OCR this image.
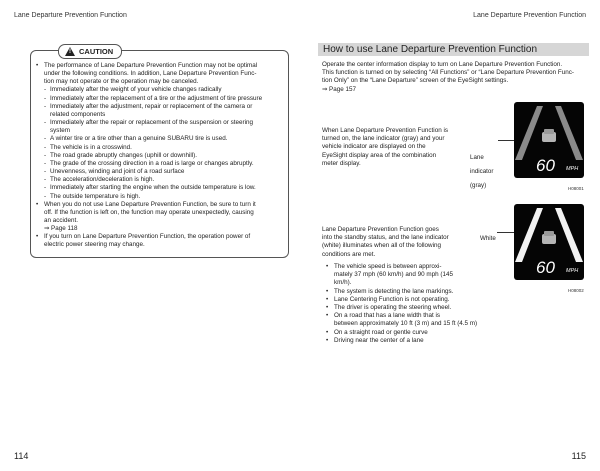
Lane Departure Prevention Function	Lane Departure Prevention Function
! CAUTION

• The performance of Lane Departure Prevention Function may not be optimal

under the following conditions. In addition, Lane Departure Prevention Func-

tion may not operate or the operation may be canceled.

- Immediately after the weight of your vehicle changes radically

- Immediately after the replacement of a tire or the adjustment of tire pressure

- Immediately after the adjustment, repair or replacement of the camera or

related components

- Immediately after the repair or replacement of the suspension or steering

system

- A winter tire or a tire other than a genuine SUBARU tire is used.

- The vehicle is in a crosswind.

- The road grade abruptly changes (uphill or downhill).

- The grade of the crossing direction in a road is large or changes abruptly.

- Unevenness, winding and joint of a road surface

- The acceleration/deceleration is high.

- Immediately after starting the engine when the outside temperature is low.

- The outside temperature is high.

• When you do not use Lane Departure Prevention Function, be sure to turn it

off. If the function is left on, the function may operate unexpectedly, causing

an accident.

⇒ Page 118

• If you turn on Lane Departure Prevention Function, the operation power of

electric power steering may change.

How to use Lane Departure Prevention Function

Operate the center information display to turn on Lane Departure Prevention Function.

This function is turned on by selecting “All Functions” or “Lane Departure Prevention Func-

tion Only” on the “Lane Departure” screen of the EyeSight settings.

⇒ Page 157

When Lane Departure Prevention Function is

turned on, the lane indicator (gray) and your

vehicle indicator are displayed on the

EyeSight display area of the combination

meter display.

Lane Departure Prevention Function goes

into the standby status, and the lane indicator

(white) illuminates when all of the following

conditions are met.

• The vehicle speed is between approxi-

mately 37 mph (60 km/h) and 90 mph (145

km/h).

• The system is detecting the lane markings.

• Lane Centering Function is not operating.

• The driver is operating the steering wheel.

• On a road that has a lane width that is

between approximately 10 ft (3 m) and 15 ft (4.5 m)

• On a straight road or gentle curve

• Driving near the center of a lane

Lane

indicator

(gray)

60 MPH
H08001

White

60 MPH
H08002
114	115
